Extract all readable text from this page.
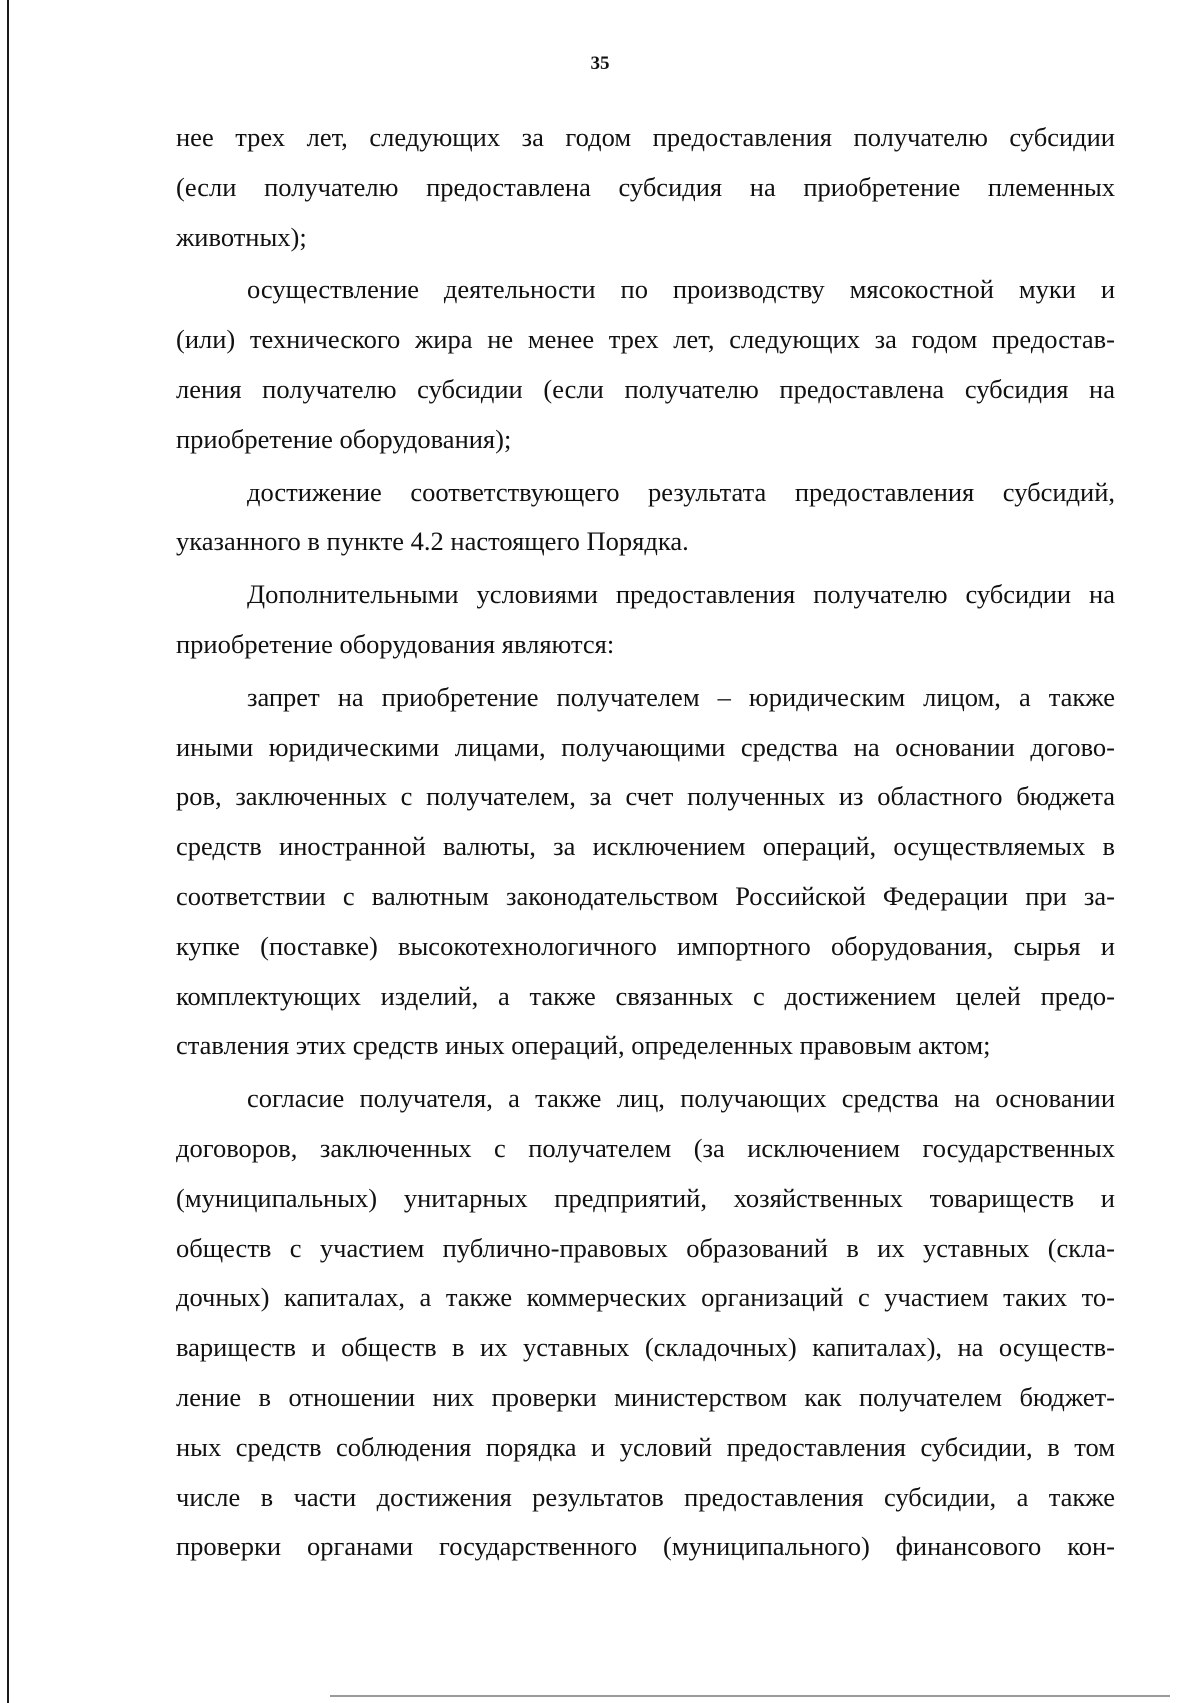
35

нее трех лет, следующих за годом предоставления получателю субсидии
(если получателю предоставлена субсидия на приобретение племенных
животных);

осуществление деятельности по производству мясокостной муки и
(или) технического жира не менее трех лет, следующих за годом предостав-
ления получателю субсидии (если получателю предоставлена субсидия на
приобретение оборудования);

достижение соответствующего результата предоставления субсидий,
указанного в пункте 4.2 настоящего Порядка.

Дополнительными условиями предоставления получателю субсидии на
приобретение оборудования являются:

запрет на приобретение получателем – юридическим лицом, а также
иными юридическими лицами, получающими средства на основании догово-
ров, заключенных с получателем, за счет полученных из областного бюджета
средств иностранной валюты, за исключением операций, осуществляемых в
соответствии с валютным законодательством Российской Федерации при за-
купке (поставке) высокотехнологичного импортного оборудования, сырья и
комплектующих изделий, а также связанных с достижением целей предо-
ставления этих средств иных операций, определенных правовым актом;

согласие получателя, а также лиц, получающих средства на основании
договоров, заключенных с получателем (за исключением государственных
(муниципальных) унитарных предприятий, хозяйственных товариществ и
обществ с участием публично-правовых образований в их уставных (скла-
дочных) капиталах, а также коммерческих организаций с участием таких то-
вариществ и обществ в их уставных (складочных) капиталах), на осуществ-
ление в отношении них проверки министерством как получателем бюджет-
ных средств соблюдения порядка и условий предоставления субсидии, в том
числе в части достижения результатов предоставления субсидии, а также
проверки органами государственного (муниципального) финансового кон-
